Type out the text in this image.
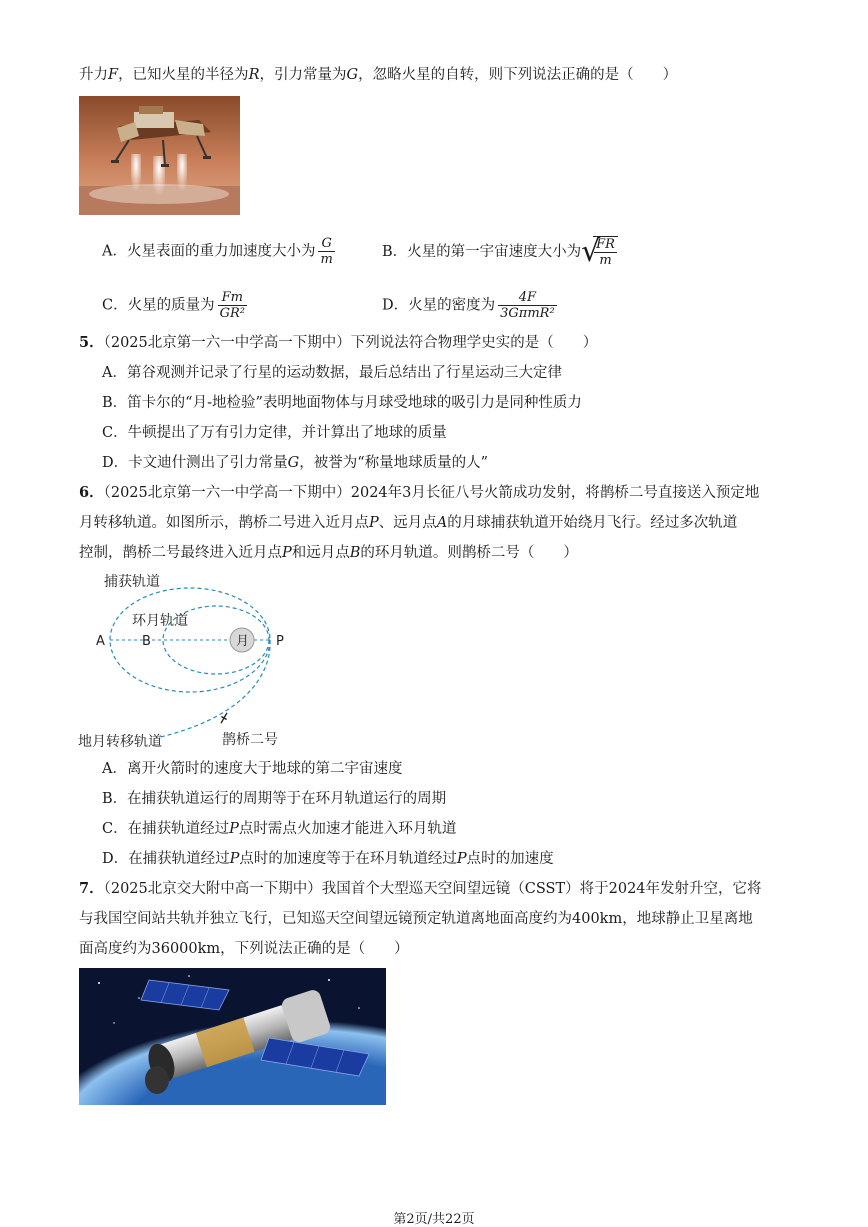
升力F，已知火星的半径为R，引力常量为G，忽略火星的自转，则下列说法正确的是（　　）
A．火星表面的重力加速度大小为 $\frac{G}{m}$	B．火星的第一宇宙速度大小为 √
$\frac{FR}{m}$
C．火星的质量为 $\frac{Fm}{\text{GR²}}$	D．火星的密度为 $\frac{4F}{\text{3GπmR²}}$
5．（2025北京第一六一中学高一下期中）下列说法符合物理学史实的是（　　）
A．第谷观测并记录了行星的运动数据，最后总结出了行星运动三大定律
B．笛卡尔的“月-地检验”表明地面物体与月球受地球的吸引力是同种性质力
C．牛顿提出了万有引力定律，并计算出了地球的质量
D．卡文迪什测出了引力常量G，被誉为“称量地球质量的人”
6．（2025北京第一六一中学高一下期中）2024年3月长征八号火箭成功发射，将鹊桥二号直接送入预定地
月转移轨道。如图所示，鹊桥二号进入近月点P、远月点A的月球捕获轨道开始绕月飞行。经过多次轨道
控制，鹊桥二号最终进入近月点P和远月点B的环月轨道。则鹊桥二号（　　）
月
A	B	P
捕获轨道
环月轨道
地月转移轨道	鹊桥二号
A．离开火箭时的速度大于地球的第二宇宙速度
B．在捕获轨道运行的周期等于在环月轨道运行的周期
C．在捕获轨道经过P点时需点火加速才能进入环月轨道
D．在捕获轨道经过P点时的加速度等于在环月轨道经过P点时的加速度
7．（2025北京交大附中高一下期中）我国首个大型巡天空间望远镜（CSST）将于2024年发射升空，它将
与我国空间站共轨并独立飞行，已知巡天空间望远镜预定轨道离地面高度约为400km，地球静止卫星离地
面高度约为36000km，下列说法正确的是（　　）
第2页/共22页
